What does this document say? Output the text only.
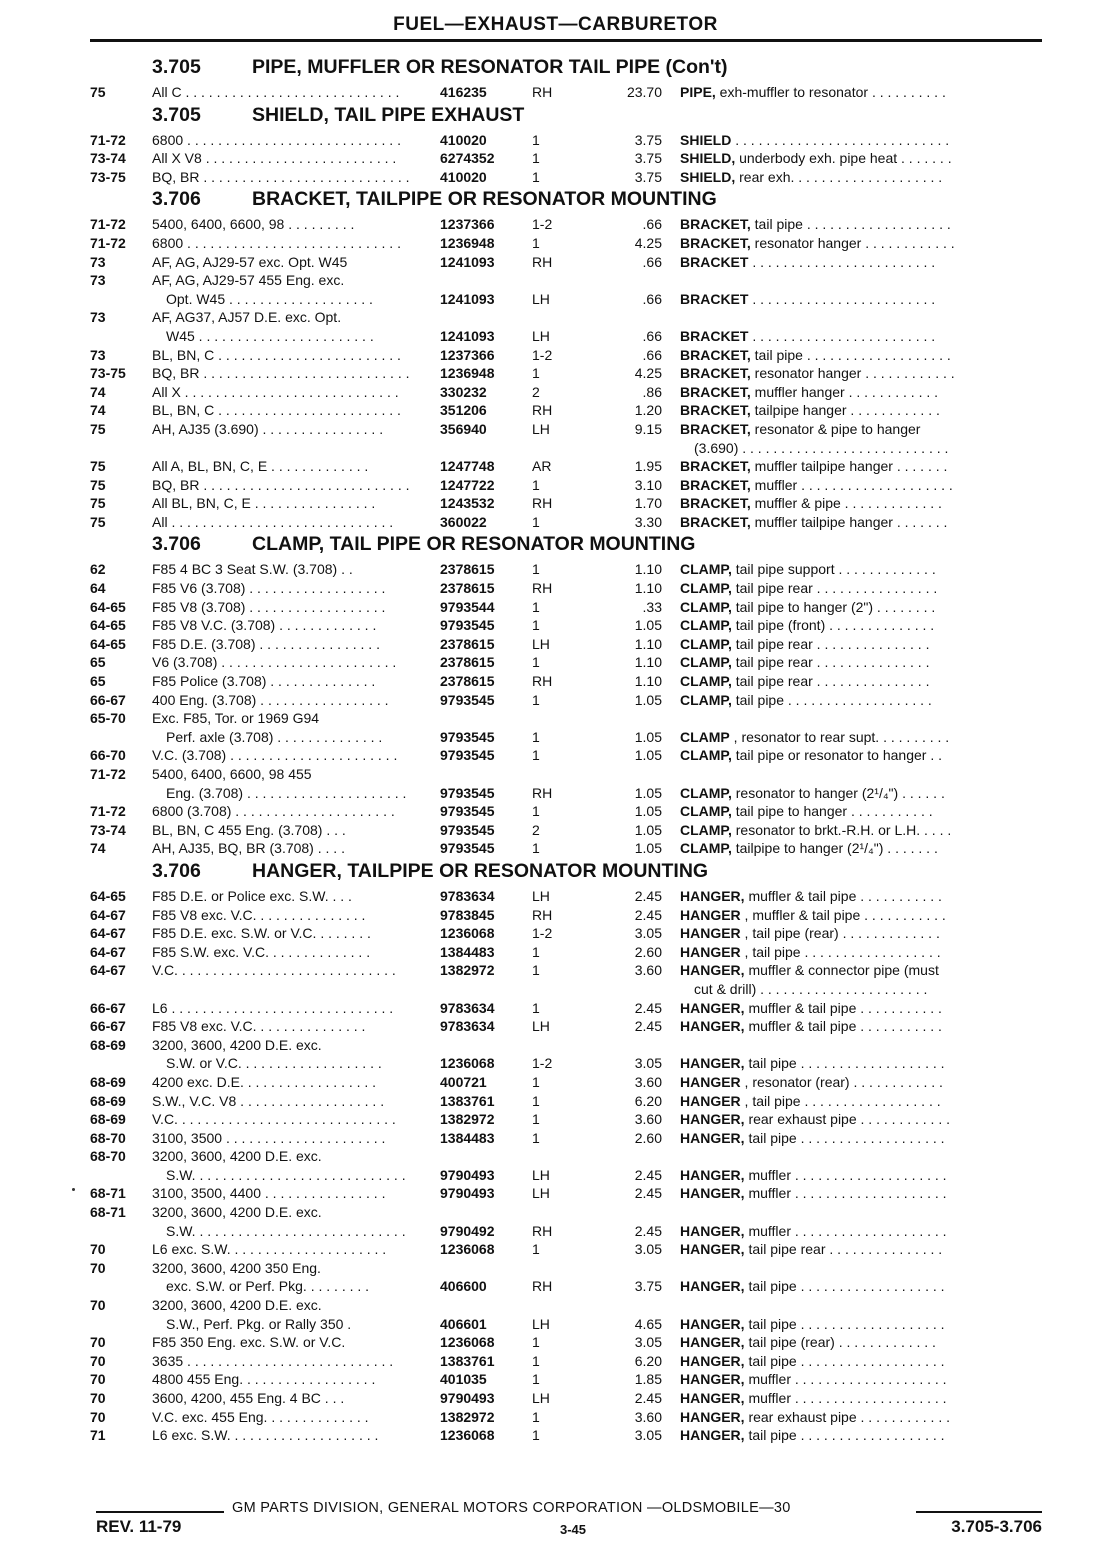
FUEL—EXHAUST—CARBURETOR
3.705	PIPE, MUFFLER OR RESONATOR TAIL PIPE (Con't)
75	All C . . . . . . . . . . . . . . . . . . . . . . . . . . . .	416235	RH	23.70 PIPE, exh-muffler to resonator . . . . . . . . . .
3.705	SHIELD, TAIL PIPE EXHAUST
71-72 6800 . . . . . . . . . . . . . . . . . . . . . . . . . . . .	410020	1	3.75 SHIELD . . . . . . . . . . . . . . . . . . . . . . . . . . . .
73-74 All X V8 . . . . . . . . . . . . . . . . . . . . . . . . .	6274352	1	3.75 SHIELD, underbody exh. pipe heat . . . . . . .
73-75 BQ, BR . . . . . . . . . . . . . . . . . . . . . . . . . . .	410020	1	3.75 SHIELD, rear exh. . . . . . . . . . . . . . . . . . . .
3.706	BRACKET, TAILPIPE OR RESONATOR MOUNTING
71-72 5400, 6400, 6600, 98 . . . . . . . . .	1237366	1-2	.66 BRACKET, tail pipe . . . . . . . . . . . . . . . . . . .
71-72 6800 . . . . . . . . . . . . . . . . . . . . . . . . . . . .	1236948	1	4.25 BRACKET, resonator hanger . . . . . . . . . . . .
73	AF, AG, AJ29-57 exc. Opt. W45	1241093	RH	.66 BRACKET . . . . . . . . . . . . . . . . . . . . . . . .
73	AF, AG, AJ29-57 455 Eng. exc.
Opt. W45 . . . . . . . . . . . . . . . . . . .	1241093	LH	.66 BRACKET . . . . . . . . . . . . . . . . . . . . . . . .
73	AF, AG37, AJ57 D.E. exc. Opt.
W45 . . . . . . . . . . . . . . . . . . . . . . .	1241093	LH	.66 BRACKET . . . . . . . . . . . . . . . . . . . . . . . .
73	BL, BN, C . . . . . . . . . . . . . . . . . . . . . . . .	1237366	1-2	.66 BRACKET, tail pipe . . . . . . . . . . . . . . . . . . .
73-75 BQ, BR . . . . . . . . . . . . . . . . . . . . . . . . . . .	1236948	1	4.25 BRACKET, resonator hanger . . . . . . . . . . . .
74	All X . . . . . . . . . . . . . . . . . . . . . . . . . . . .	330232	2	.86 BRACKET, muffler hanger . . . . . . . . . . . .
74	BL, BN, C . . . . . . . . . . . . . . . . . . . . . . . .	351206	RH	1.20 BRACKET, tailpipe hanger . . . . . . . . . . . .
75	AH, AJ35 (3.690) . . . . . . . . . . . . . . . .	356940	LH	9.15 BRACKET, resonator & pipe to hanger
(3.690) . . . . . . . . . . . . . . . . . . . . . . . . . . .
75	All A, BL, BN, C, E . . . . . . . . . . . . .	1247748	AR	1.95 BRACKET, muffler tailpipe hanger . . . . . . .
75	BQ, BR . . . . . . . . . . . . . . . . . . . . . . . . . . .	1247722	1	3.10 BRACKET, muffler . . . . . . . . . . . . . . . . . . . .
75	All BL, BN, C, E . . . . . . . . . . . . . . . .	1243532	RH	1.70 BRACKET, muffler & pipe . . . . . . . . . . . . .
75	All . . . . . . . . . . . . . . . . . . . . . . . . . . . . .	360022	1	3.30 BRACKET, muffler tailpipe hanger . . . . . . .
3.706	CLAMP, TAIL PIPE OR RESONATOR MOUNTING
62	F85 4 BC 3 Seat S.W. (3.708) . .	2378615	1	1.10 CLAMP, tail pipe support . . . . . . . . . . . . .
64	F85 V6 (3.708) . . . . . . . . . . . . . . . . . .	2378615	RH	1.10 CLAMP, tail pipe rear . . . . . . . . . . . . . . . .
64-65 F85 V8 (3.708) . . . . . . . . . . . . . . . . . .	9793544	1	.33 CLAMP, tail pipe to hanger (2") . . . . . . . .
64-65 F85 V8 V.C. (3.708) . . . . . . . . . . . . .	9793545	1	1.05 CLAMP, tail pipe (front) . . . . . . . . . . . . . .
64-65 F85 D.E. (3.708) . . . . . . . . . . . . . . . .	2378615	LH	1.10 CLAMP, tail pipe rear . . . . . . . . . . . . . . .
65	V6 (3.708) . . . . . . . . . . . . . . . . . . . . . . .	2378615	1	1.10 CLAMP, tail pipe rear . . . . . . . . . . . . . . .
65	F85 Police (3.708) . . . . . . . . . . . . . .	2378615	RH	1.10 CLAMP, tail pipe rear . . . . . . . . . . . . . . .
66-67 400 Eng. (3.708) . . . . . . . . . . . . . . . . .	9793545	1	1.05 CLAMP, tail pipe . . . . . . . . . . . . . . . . . . .
65-70 Exc. F85, Tor. or 1969 G94
Perf. axle (3.708) . . . . . . . . . . . . . .	9793545	1	1.05 CLAMP , resonator to rear supt. . . . . . . . . .
66-70 V.C. (3.708) . . . . . . . . . . . . . . . . . . . . . .	9793545	1	1.05 CLAMP, tail pipe or resonator to hanger . .
71-72 5400, 6400, 6600, 98 455
Eng. (3.708) . . . . . . . . . . . . . . . . . . . . .	9793545	RH	1.05 CLAMP, resonator to hanger (2¹/₄") . . . . . .
71-72 6800 (3.708) . . . . . . . . . . . . . . . . . . . . .	9793545	1	1.05 CLAMP, tail pipe to hanger . . . . . . . . . . .
73-74 BL, BN, C 455 Eng. (3.708) . . .	9793545	2	1.05 CLAMP, resonator to brkt.-R.H. or L.H. . . . .
74	AH, AJ35, BQ, BR (3.708) . . . .	9793545	1	1.05 CLAMP, tailpipe to hanger (2¹/₄") . . . . . . .
3.706	HANGER, TAILPIPE OR RESONATOR MOUNTING
64-65 F85 D.E. or Police exc. S.W. . . .	9783634	LH	2.45 HANGER, muffler & tail pipe . . . . . . . . . . .
64-67 F85 V8 exc. V.C. . . . . . . . . . . . . . .	9783845	RH	2.45 HANGER , muffler & tail pipe . . . . . . . . . . .
64-67 F85 D.E. exc. S.W. or V.C. . . . . . . .	1236068	1-2	3.05 HANGER , tail pipe (rear) . . . . . . . . . . . . .
64-67 F85 S.W. exc. V.C. . . . . . . . . . . . . .	1384483	1	2.60 HANGER , tail pipe . . . . . . . . . . . . . . . . . .
64-67 V.C. . . . . . . . . . . . . . . . . . . . . . . . . . . . .	1382972	1	3.60 HANGER, muffler & connector pipe (must
cut & drill) . . . . . . . . . . . . . . . . . . . . . .
66-67 L6 . . . . . . . . . . . . . . . . . . . . . . . . . . . . .	9783634	1	2.45 HANGER, muffler & tail pipe . . . . . . . . . . .
66-67 F85 V8 exc. V.C. . . . . . . . . . . . . . .	9783634	LH	2.45 HANGER, muffler & tail pipe . . . . . . . . . . .
68-69 3200, 3600, 4200 D.E. exc.
S.W. or V.C. . . . . . . . . . . . . . . . . . .	1236068	1-2	3.05 HANGER, tail pipe . . . . . . . . . . . . . . . . . . .
68-69 4200 exc. D.E. . . . . . . . . . . . . . . . . .	400721	1	3.60 HANGER , resonator (rear) . . . . . . . . . . . .
68-69 S.W., V.C. V8 . . . . . . . . . . . . . . . . . . .	1383761	1	6.20 HANGER , tail pipe . . . . . . . . . . . . . . . . . .
68-69 V.C. . . . . . . . . . . . . . . . . . . . . . . . . . . . .	1382972	1	3.60 HANGER, rear exhaust pipe . . . . . . . . . . . .
68-70 3100, 3500 . . . . . . . . . . . . . . . . . . . . .	1384483	1	2.60 HANGER, tail pipe . . . . . . . . . . . . . . . . . . .
68-70 3200, 3600, 4200 D.E. exc.
S.W. . . . . . . . . . . . . . . . . . . . . . . . . . . .	9790493	LH	2.45 HANGER, muffler . . . . . . . . . . . . . . . . . . . .
68-71 3100, 3500, 4400 . . . . . . . . . . . . . . . .	9790493	LH	2.45 HANGER, muffler . . . . . . . . . . . . . . . . . . . .
68-71 3200, 3600, 4200 D.E. exc.
S.W. . . . . . . . . . . . . . . . . . . . . . . . . . . .	9790492	RH	2.45 HANGER, muffler . . . . . . . . . . . . . . . . . . . .
70	L6 exc. S.W. . . . . . . . . . . . . . . . . . . . .	1236068	1	3.05 HANGER, tail pipe rear . . . . . . . . . . . . . . .
70	3200, 3600, 4200 350 Eng.
exc. S.W. or Perf. Pkg. . . . . . . . .	406600	RH	3.75 HANGER, tail pipe . . . . . . . . . . . . . . . . . . .
70	3200, 3600, 4200 D.E. exc.
S.W., Perf. Pkg. or Rally 350 .	406601	LH	4.65 HANGER, tail pipe . . . . . . . . . . . . . . . . . . .
70	F85 350 Eng. exc. S.W. or V.C.	1236068	1	3.05 HANGER, tail pipe (rear) . . . . . . . . . . . . .
70	3635 . . . . . . . . . . . . . . . . . . . . . . . . . . .	1383761	1	6.20 HANGER, tail pipe . . . . . . . . . . . . . . . . . . .
70	4800 455 Eng. . . . . . . . . . . . . . . . . .	401035	1	1.85 HANGER, muffler . . . . . . . . . . . . . . . . . . . .
70	3600, 4200, 455 Eng. 4 BC . . .	9790493	LH	2.45 HANGER, muffler . . . . . . . . . . . . . . . . . . . .
70	V.C. exc. 455 Eng. . . . . . . . . . . . . .	1382972	1	3.60 HANGER, rear exhaust pipe . . . . . . . . . . . .
71	L6 exc. S.W. . . . . . . . . . . . . . . . . . . .	1236068	1	3.05 HANGER, tail pipe . . . . . . . . . . . . . . . . . . .
GM PARTS DIVISION, GENERAL MOTORS CORPORATION —OLDSMOBILE—30
REV. 11-79	3-45	3.705-3.706
